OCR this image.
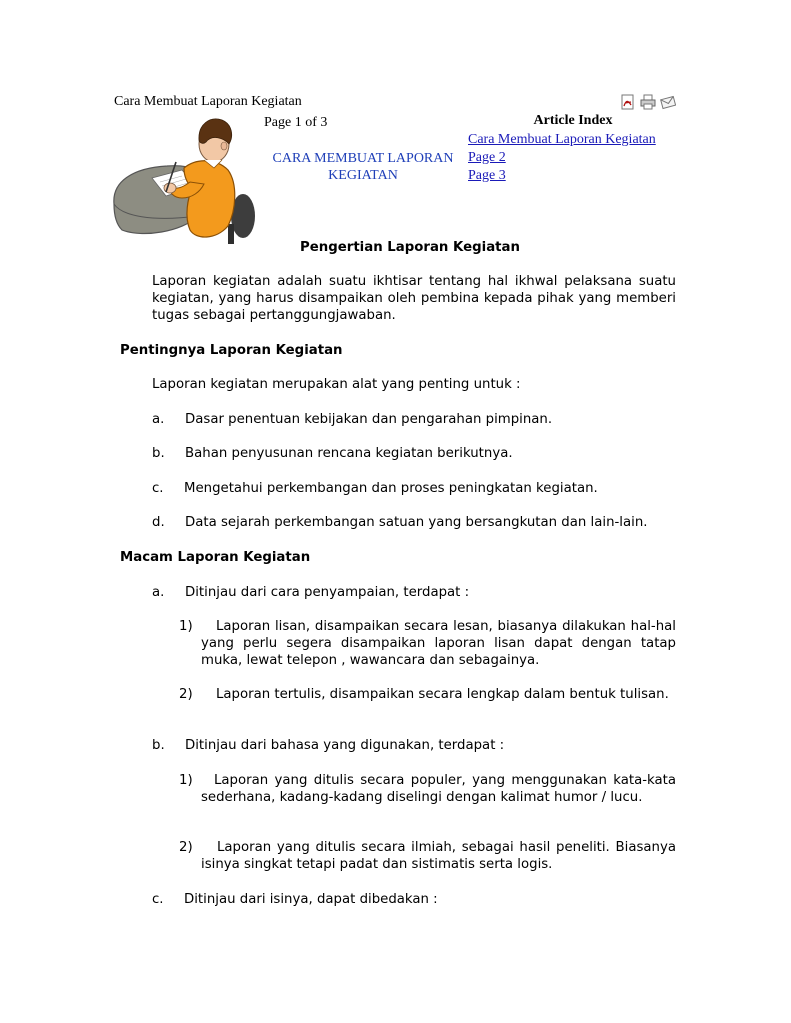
Cara Membuat Laporan Kegiatan
Page 1 of 3
CARA MEMBUAT LAPORAN
KEGIATAN
Article Index
Cara Membuat Laporan Kegiatan
Page 2
Page 3
Pengertian Laporan Kegiatan
Laporan kegiatan adalah suatu ikhtisar tentang hal ikhwal pelaksana suatu kegiatan, yang harus disampaikan oleh pembina kepada pihak yang memberi tugas sebagai pertanggungjawaban.
Pentingnya Laporan Kegiatan
Laporan kegiatan merupakan alat yang penting untuk :
a. Dasar penentuan kebijakan dan pengarahan pimpinan.
b. Bahan penyusunan rencana kegiatan berikutnya.
c. Mengetahui perkembangan dan proses peningkatan kegiatan.
d. Data sejarah perkembangan satuan yang bersangkutan dan lain-lain.
Macam Laporan Kegiatan
a. Ditinjau dari cara penyampaian, terdapat :
1) Laporan lisan, disampaikan secara lesan, biasanya dilakukan hal-hal yang perlu segera disampaikan laporan lisan dapat dengan tatap muka, lewat telepon , wawancara dan sebagainya.
2) Laporan tertulis, disampaikan secara lengkap dalam bentuk tulisan.
b. Ditinjau dari bahasa yang digunakan, terdapat :
1) Laporan yang ditulis secara populer, yang menggunakan kata-kata sederhana, kadang-kadang diselingi dengan kalimat humor / lucu.
2) Laporan yang ditulis secara ilmiah, sebagai hasil peneliti. Biasanya isinya singkat tetapi padat dan sistimatis serta logis.
c. Ditinjau dari isinya, dapat dibedakan :
